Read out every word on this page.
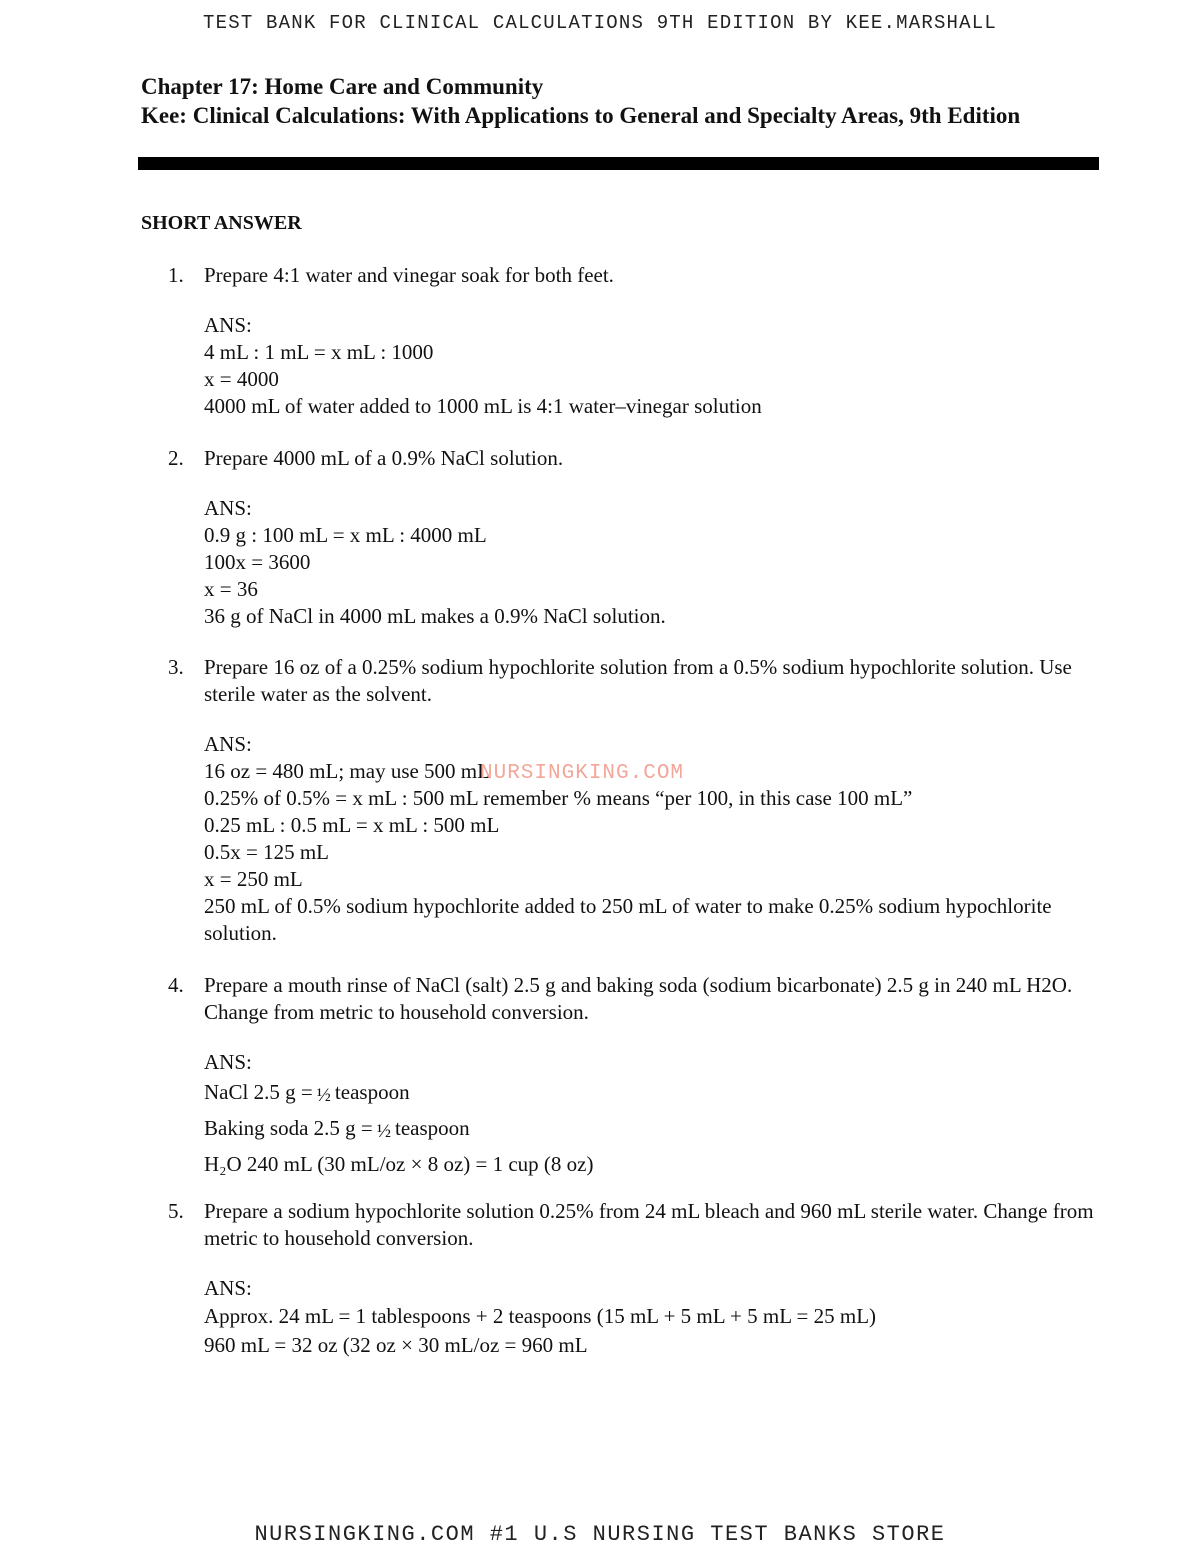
TEST BANK FOR CLINICAL CALCULATIONS 9TH EDITION BY KEE.MARSHALL
Chapter 17: Home Care and Community
Kee: Clinical Calculations: With Applications to General and Specialty Areas, 9th Edition
SHORT ANSWER
1. Prepare 4:1 water and vinegar soak for both feet.
ANS:
4 mL : 1 mL = x mL : 1000
x = 4000
4000 mL of water added to 1000 mL is 4:1 water–vinegar solution
2. Prepare 4000 mL of a 0.9% NaCl solution.
ANS:
0.9 g : 100 mL = x mL : 4000 mL
100x = 3600
x = 36
36 g of NaCl in 4000 mL makes a 0.9% NaCl solution.
3. Prepare 16 oz of a 0.25% sodium hypochlorite solution from a 0.5% sodium hypochlorite solution. Use sterile water as the solvent.
ANS:
16 oz = 480 mL; may use 500 mL
0.25% of 0.5% = x mL : 500 mL remember % means “per 100, in this case 100 mL”
0.25 mL : 0.5 mL = x mL : 500 mL
0.5x = 125 mL
x = 250 mL
250 mL of 0.5% sodium hypochlorite added to 250 mL of water to make 0.25% sodium hypochlorite solution.
4. Prepare a mouth rinse of NaCl (salt) 2.5 g and baking soda (sodium bicarbonate) 2.5 g in 240 mL H2O. Change from metric to household conversion.
ANS:
NaCl 2.5 g = ½ teaspoon
Baking soda 2.5 g = ½ teaspoon
H₂O 240 mL (30 mL/oz × 8 oz) = 1 cup (8 oz)
5. Prepare a sodium hypochlorite solution 0.25% from 24 mL bleach and 960 mL sterile water. Change from metric to household conversion.
ANS:
Approx. 24 mL = 1 tablespoons + 2 teaspoons (15 mL + 5 mL + 5 mL = 25 mL)
960 mL = 32 oz (32 oz × 30 mL/oz = 960 mL
NURSINGKING.COM
NURSINGKING.COM #1 U.S NURSING TEST BANKS STORE
